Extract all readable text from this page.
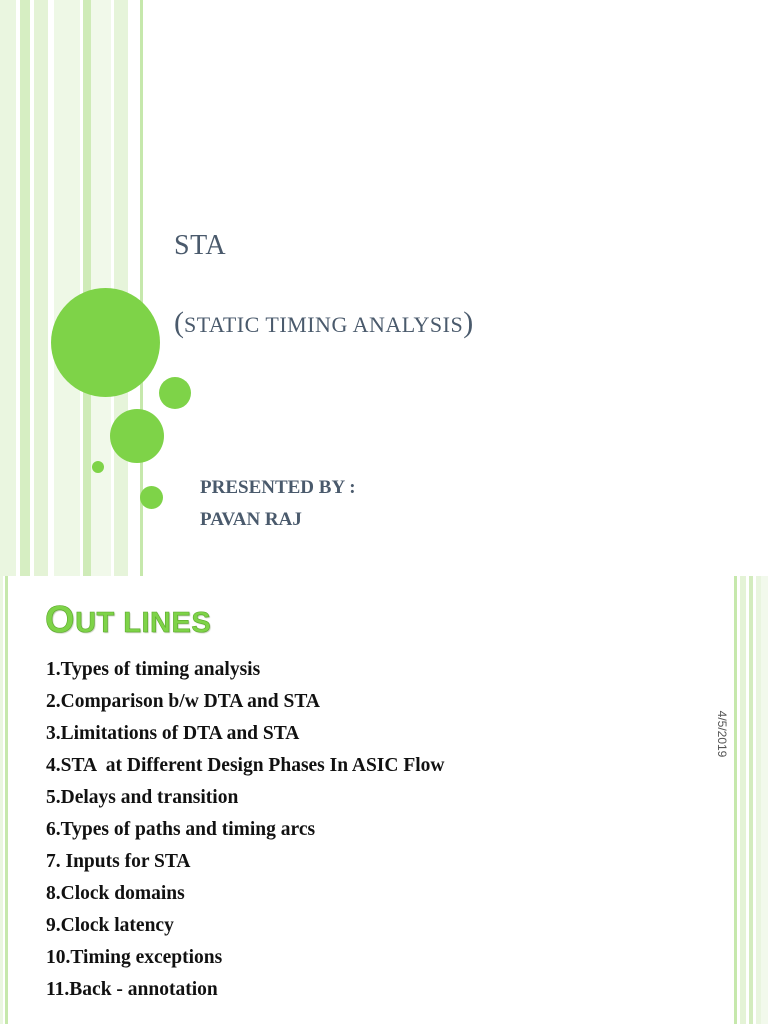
STA
(STATIC TIMING ANALYSIS)
PRESENTED BY :
PAVAN RAJ
OUT LINES
1.Types of timing analysis
2.Comparison b/w DTA and STA
3.Limitations of DTA and STA
4.STA  at Different Design Phases In ASIC Flow
5.Delays and transition
6.Types of paths and timing arcs
7. Inputs for STA
8.Clock domains
9.Clock latency
10.Timing exceptions
11.Back - annotation
4/5/2019
